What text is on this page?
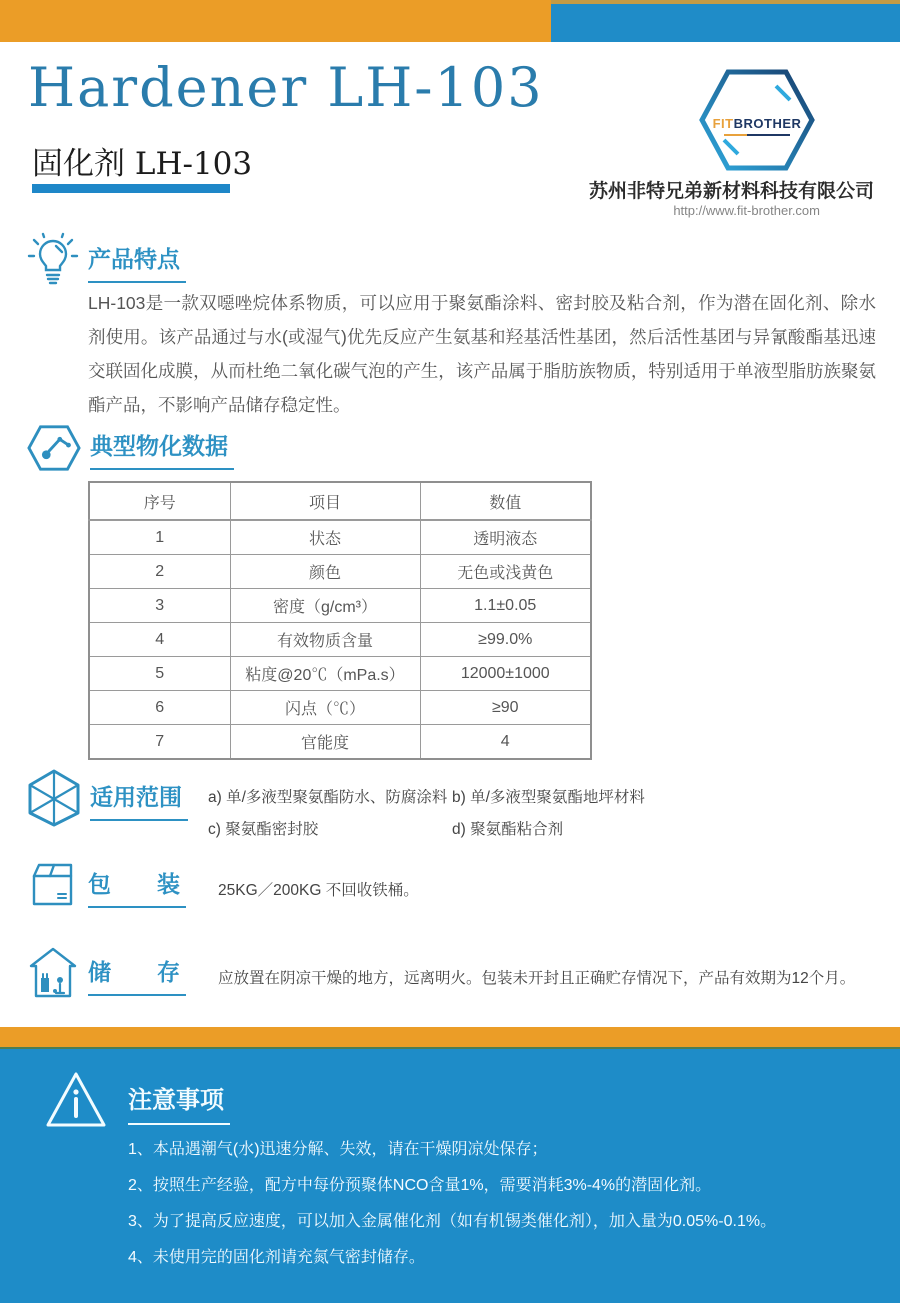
Hardener LH-103
固化剂 LH-103
FITBROTHER
苏州非特兄弟新材料科技有限公司
http://www.fit-brother.com
产品特点
LH-103是一款双噁唑烷体系物质，可以应用于聚氨酯涂料、密封胶及粘合剂，作为潜在固化剂、除水剂使用。该产品通过与水(或湿气)优先反应产生氨基和羟基活性基团，然后活性基团与异氰酸酯基迅速交联固化成膜，从而杜绝二氧化碳气泡的产生，该产品属于脂肪族物质，特别适用于单液型脂肪族聚氨酯产品，不影响产品储存稳定性。
典型物化数据
序号	项目	数值
1	状态	透明液态
2	颜色	无色或浅黄色
3	密度（g/cm³）	1.1±0.05
4	有效物质含量	≥99.0%
5	粘度@20℃（mPa.s）	12000±1000
6	闪点（℃）	≥90
7	官能度	4
适用范围	a) 单/多液型聚氨酯防水、防腐涂料 b) 单/多液型聚氨酯地坪材料
c) 聚氨酯密封胶	d) 聚氨酯粘合剂
包　　装	25KG／200KG 不回收铁桶。
储　　存	应放置在阴凉干燥的地方，远离明火。包装未开封且正确贮存情况下，产品有效期为12个月。
注意事项
1、本品遇潮气(水)迅速分解、失效，请在干燥阴凉处保存；
2、按照生产经验，配方中每份预聚体NCO含量1%，需要消耗3%-4%的潜固化剂。
3、为了提高反应速度，可以加入金属催化剂（如有机锡类催化剂），加入量为0.05%-0.1%。
4、未使用完的固化剂请充氮气密封储存。
